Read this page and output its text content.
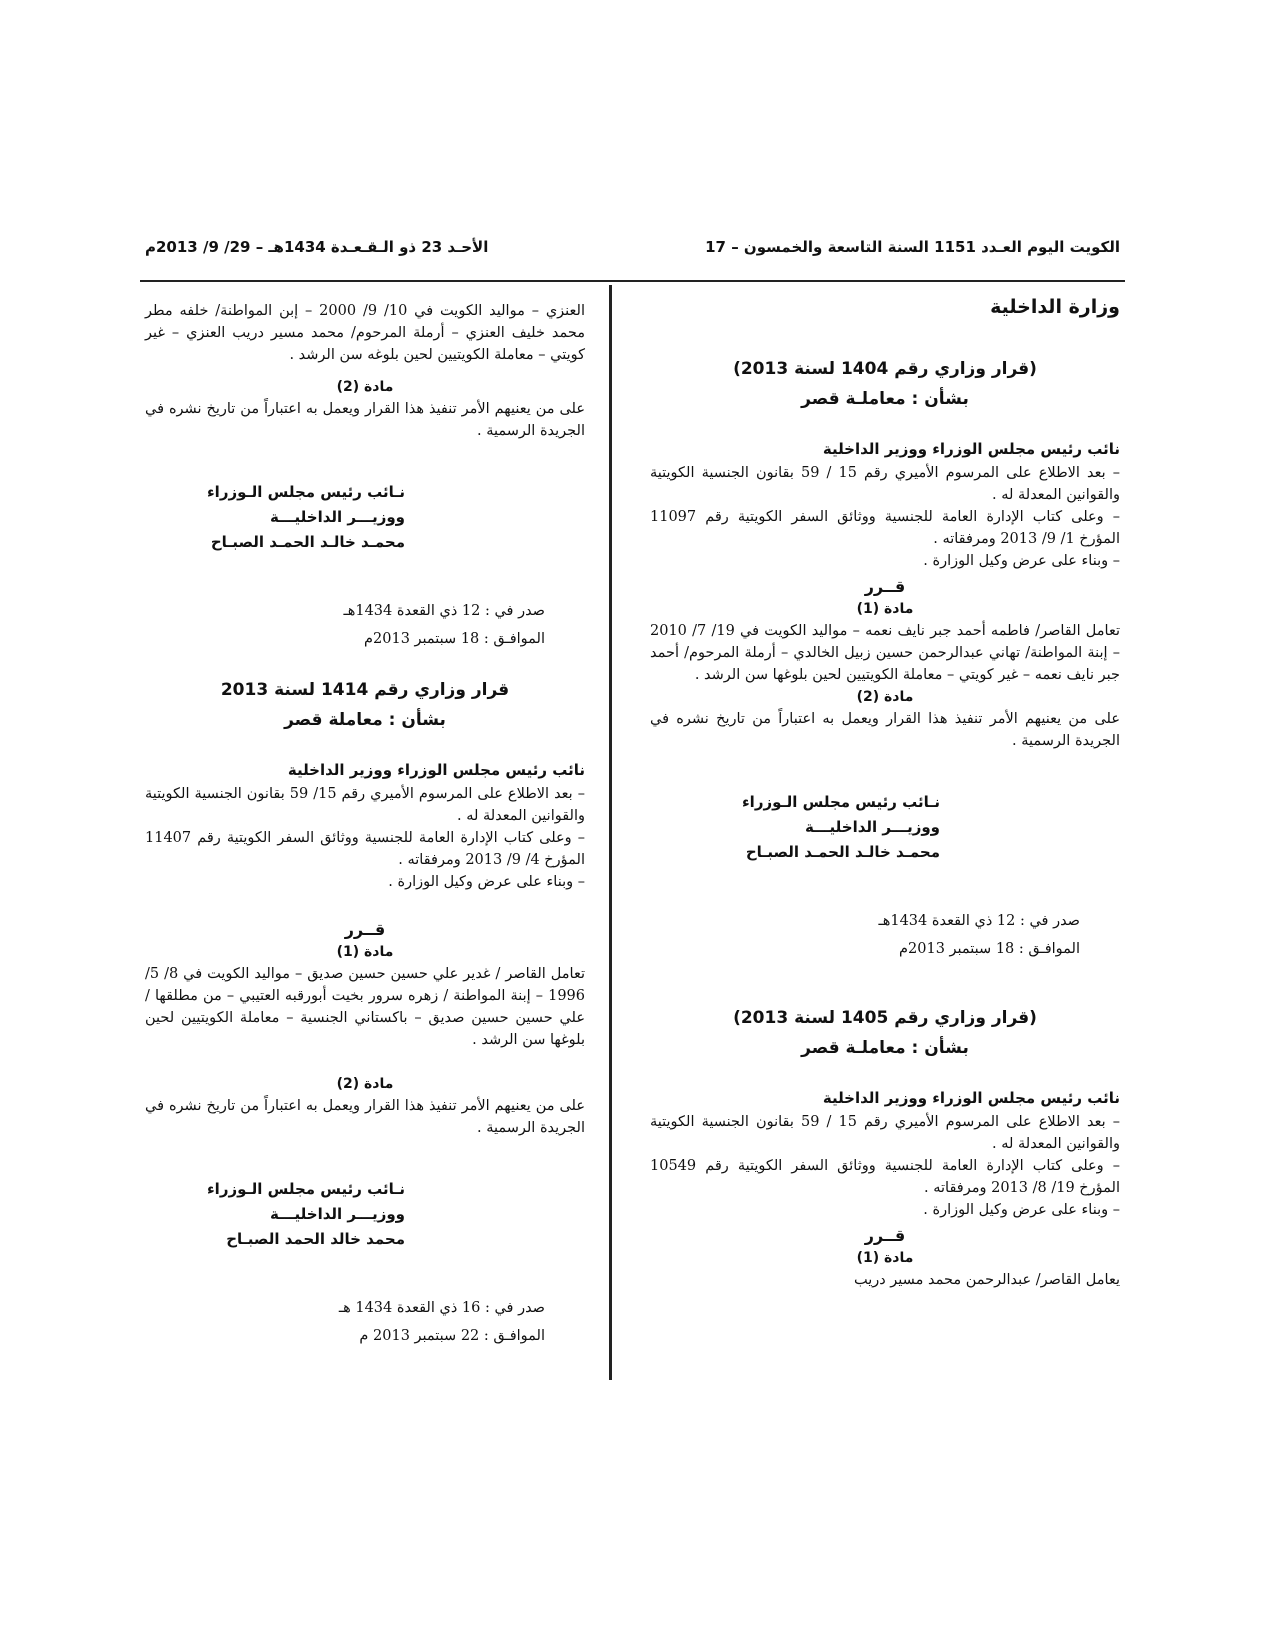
الكويت اليوم العـدد 1151 السنة التاسعة والخمسون – 17
الأحـد 23 ذو الـقـعـدة 1434هـ – 29/ 9/ 2013م

وزارة الداخلية

(قرار وزاري رقم 1404 لسنة 2013)

بشأن : معاملـة قصر

نائب رئيس مجلس الوزراء ووزير الداخلية

– بعد الاطلاع على المرسوم الأميري رقم 15 / 59 بقانون الجنسية الكويتية والقوانين المعدلة له .

– وعلى كتاب الإدارة العامة للجنسية ووثائق السفر الكويتية رقم 11097 المؤرخ 1/ 9/ 2013 ومرفقاته .

– وبناء على عرض وكيل الوزارة .

قــرر

مادة (1)

تعامل القاصر/ فاطمه أحمد جبر نايف نعمه – مواليد الكويت في 19/ 7/ 2010 – إبنة المواطنة/ تهاني عبدالرحمن حسين زبيل الخالدي – أرملة المرحوم/ أحمد جبر نايف نعمه – غير كويتي – معاملة الكويتيين لحين بلوغها سن الرشد .

مادة (2)

على من يعنيهم الأمر تنفيذ هذا القرار ويعمل به اعتباراً من تاريخ نشره في الجريدة الرسمية .

نـائب رئيس مجلس الـوزراء

ووزيـــر الداخليـــة

محمـد خالـد الحمـد الصبـاح

صدر في : 12 ذي القعدة 1434هـ

الموافـق : 18 سبتمبر 2013م

(قرار وزاري رقم 1405 لسنة 2013)

بشأن : معاملـة قصر

نائب رئيس مجلس الوزراء ووزير الداخلية

– بعد الاطلاع على المرسوم الأميري رقم 15 / 59 بقانون الجنسية الكويتية والقوانين المعدلة له .

– وعلى كتاب الإدارة العامة للجنسية ووثائق السفر الكويتية رقم 10549 المؤرخ 19/ 8/ 2013 ومرفقاته .

– وبناء على عرض وكيل الوزارة .

قــرر

مادة (1)

يعامل القاصر/ عبدالرحمن محمد مسير دريب

العنزي – مواليد الكويت في 10/ 9/ 2000 – إبن المواطنة/ خلفه مطر محمد خليف العنزي – أرملة المرحوم/ محمد مسير دريب العنزي – غير كويتي – معاملة الكويتيين لحين بلوغه سن الرشد .

مادة (2)

على من يعنيهم الأمر تنفيذ هذا القرار ويعمل به اعتباراً من تاريخ نشره في الجريدة الرسمية .

نـائب رئيس مجلس الـوزراء

ووزيـــر الداخليـــة

محمـد خالـد الحمـد الصبـاح

صدر في : 12 ذي القعدة 1434هـ

الموافـق : 18 سبتمبر 2013م

قرار وزاري رقم 1414 لسنة 2013

بشأن : معاملة قصر

نائب رئيس مجلس الوزراء ووزير الداخلية

– بعد الاطلاع على المرسوم الأميري رقم 15/ 59 بقانون الجنسية الكويتية والقوانين المعدلة له .

– وعلى كتاب الإدارة العامة للجنسية ووثائق السفر الكويتية رقم 11407 المؤرخ 4/ 9/ 2013 ومرفقاته .

– وبناء على عرض وكيل الوزارة .

قــرر

مادة (1)

تعامل القاصر / غدير علي حسين حسين صديق – مواليد الكويت في 8/ 5/ 1996 – إبنة المواطنة / زهره سرور بخيت أبورقبه العتيبي – من مطلقها / علي حسين حسين صديق – باكستاني الجنسية – معاملة الكويتيين لحين بلوغها سن الرشد .

مادة (2)

على من يعنيهم الأمر تنفيذ هذا القرار ويعمل به اعتباراً من تاريخ نشره في الجريدة الرسمية .

نـائب رئيس مجلس الـوزراء

ووزيـــر الداخليـــة

محمد خالد الحمد الصبـاح

صدر في : 16 ذي القعدة 1434 هـ

الموافـق : 22 سبتمبر 2013 م
